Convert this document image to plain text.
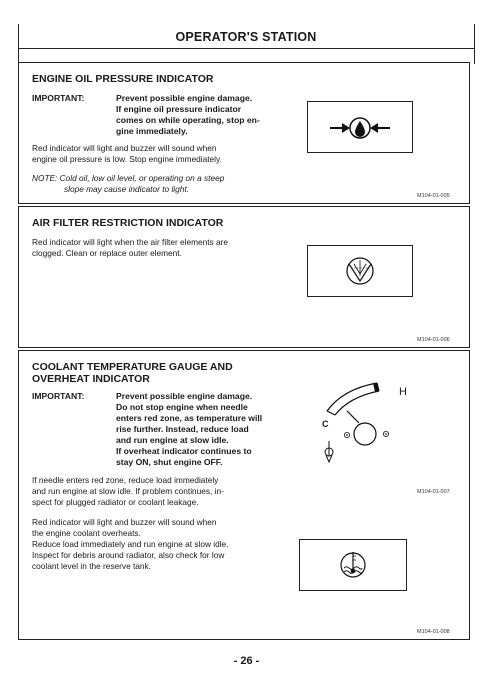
OPERATOR'S STATION
ENGINE OIL PRESSURE INDICATOR
IMPORTANT:	Prevent possible engine damage.
If engine oil pressure indicator
comes on while operating, stop en-
gine immediately.
Red indicator will light and buzzer will sound when
engine oil pressure is low. Stop engine immediately.
NOTE: Cold oil, low oil level, or operating on a steep
slope may cause indicator to light.
M104-01-005
AIR FILTER RESTRICTION INDICATOR
Red indicator will light when the air filter elements are
clogged. Clean or replace outer element.
M104-01-006
COOLANT TEMPERATURE GAUGE AND
OVERHEAT INDICATOR
IMPORTANT:	Prevent possible engine damage.
Do not stop engine when needle
enters red zone, as temperature will
rise further. Instead, reduce load
and run engine at slow idle.
If overheat indicator continues to
stay ON, shut engine OFF.
If needle enters red zone, reduce load immediately
and run engine at slow idle. If problem continues, in-
spect for plugged radiator or coolant leakage.
Red indicator will light and buzzer will sound when
the engine coolant overheats.
Reduce load immediately and run engine at slow idle.
Inspect for debris around radiator, also check for low
coolant level in the reserve tank.
H
C
M104-01-007
M104-01-008
- 26 -
